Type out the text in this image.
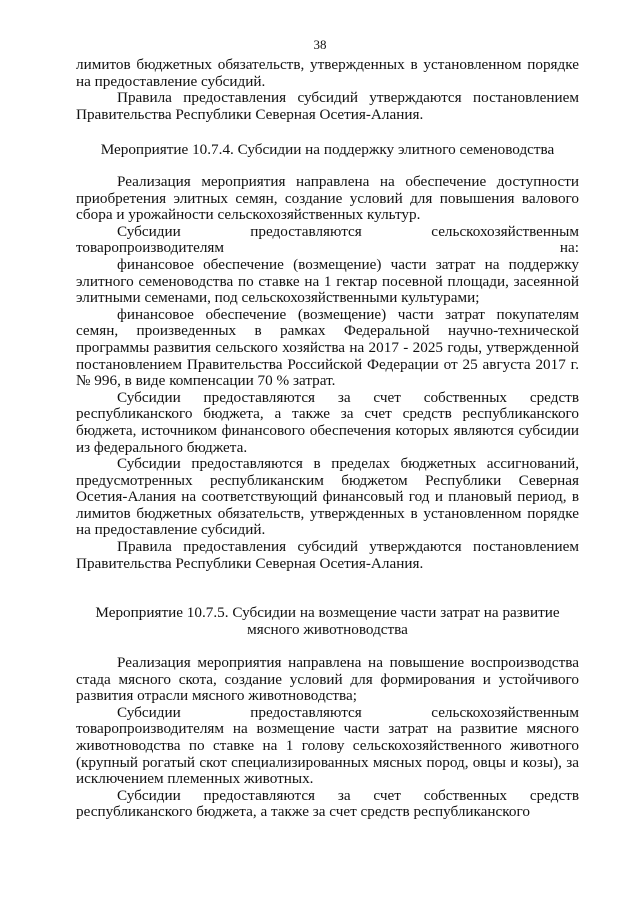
38

лимитов бюджетных обязательств, утвержденных в установленном порядке на предоставление субсидий.

Правила предоставления субсидий утверждаются постановлением Правительства Республики Северная Осетия-Алания.

Мероприятие 10.7.4. Субсидии на поддержку элитного семеноводства

Реализация мероприятия направлена на обеспечение доступности приобретения элитных семян, создание условий для повышения валового сбора и урожайности сельскохозяйственных культур.

Субсидии предоставляются сельскохозяйственным товаропроизводителям на:

финансовое обеспечение (возмещение) части затрат на поддержку элитного семеноводства по ставке на 1 гектар посевной площади, засеянной элитными семенами, под сельскохозяйственными культурами;

финансовое обеспечение (возмещение) части затрат покупателям семян, произведенных в рамках Федеральной научно-технической программы развития сельского хозяйства на 2017 - 2025 годы, утвержденной постановлением Правительства Российской Федерации от 25 августа 2017 г. № 996, в виде компенсации 70 % затрат.

Субсидии предоставляются за счет собственных средств республиканского бюджета, а также за счет средств республиканского бюджета, источником финансового обеспечения которых являются субсидии из федерального бюджета.

Субсидии предоставляются в пределах бюджетных ассигнований, предусмотренных республиканским бюджетом Республики Северная Осетия-Алания на соответствующий финансовый год и плановый период, в лимитов бюджетных обязательств, утвержденных в установленном порядке на предоставление субсидий.

Правила предоставления субсидий утверждаются постановлением Правительства Республики Северная Осетия-Алания.

Мероприятие 10.7.5. Субсидии на возмещение части затрат на развитие
мясного животноводства

Реализация мероприятия направлена на повышение воспроизводства стада мясного скота, создание условий для формирования и устойчивого развития отрасли мясного животноводства;

Субсидии предоставляются сельскохозяйственным товаропроизводителям на возмещение части затрат на развитие мясного животноводства по ставке на 1 голову сельскохозяйственного животного (крупный рогатый скот специализированных мясных пород, овцы и козы), за исключением племенных животных.

Субсидии предоставляются за счет собственных средств республиканского бюджета, а также за счет средств республиканского
